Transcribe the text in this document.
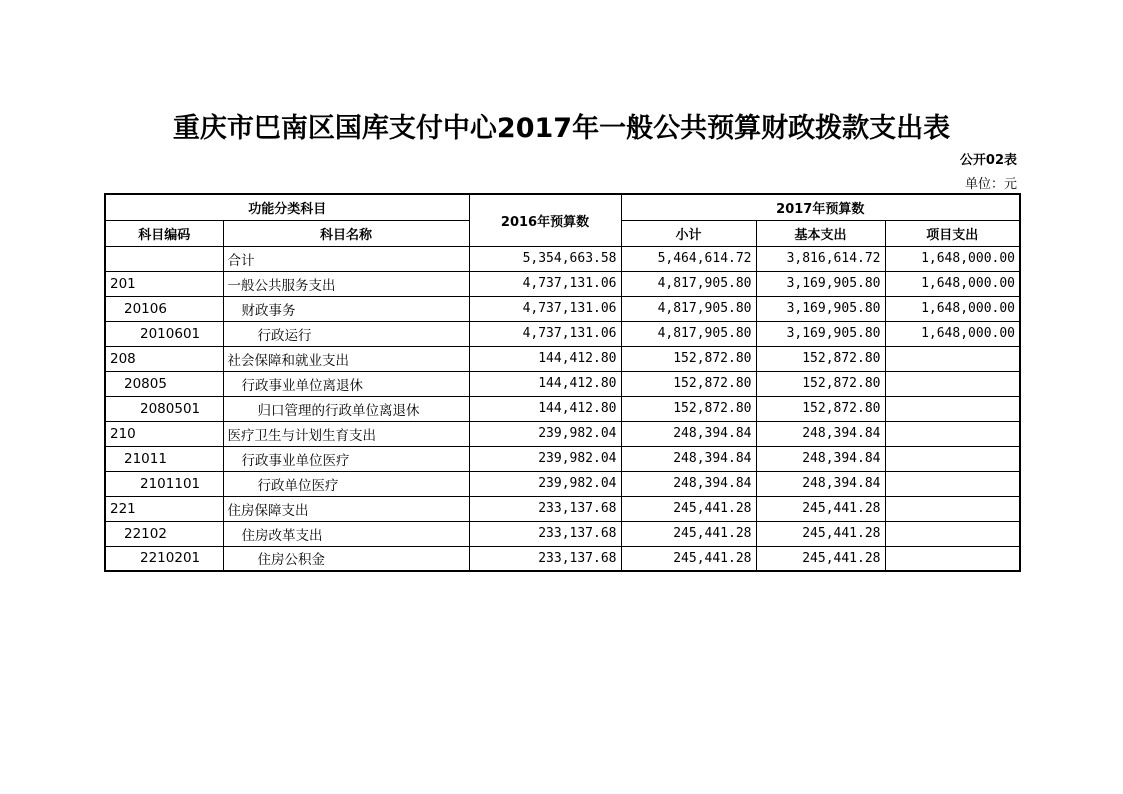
重庆市巴南区国库支付中心2017年一般公共预算财政拨款支出表
公开02表
单位：元
功能分类科目		2016年预算数	2017年预算数		
科目编码	科目名称		小计	基本支出	项目支出
	合计	5,354,663.58	5,464,614.72	3,816,614.72	1,648,000.00
201	一般公共服务支出	4,737,131.06	4,817,905.80	3,169,905.80	1,648,000.00
20106	财政事务	4,737,131.06	4,817,905.80	3,169,905.80	1,648,000.00
2010601	行政运行	4,737,131.06	4,817,905.80	3,169,905.80	1,648,000.00
208	社会保障和就业支出	144,412.80	152,872.80	152,872.80	
20805	行政事业单位离退休	144,412.80	152,872.80	152,872.80	
2080501	归口管理的行政单位离退休	144,412.80	152,872.80	152,872.80	
210	医疗卫生与计划生育支出	239,982.04	248,394.84	248,394.84	
21011	行政事业单位医疗	239,982.04	248,394.84	248,394.84	
2101101	行政单位医疗	239,982.04	248,394.84	248,394.84	
221	住房保障支出	233,137.68	245,441.28	245,441.28	
22102	住房改革支出	233,137.68	245,441.28	245,441.28	
2210201	住房公积金	233,137.68	245,441.28	245,441.28	
